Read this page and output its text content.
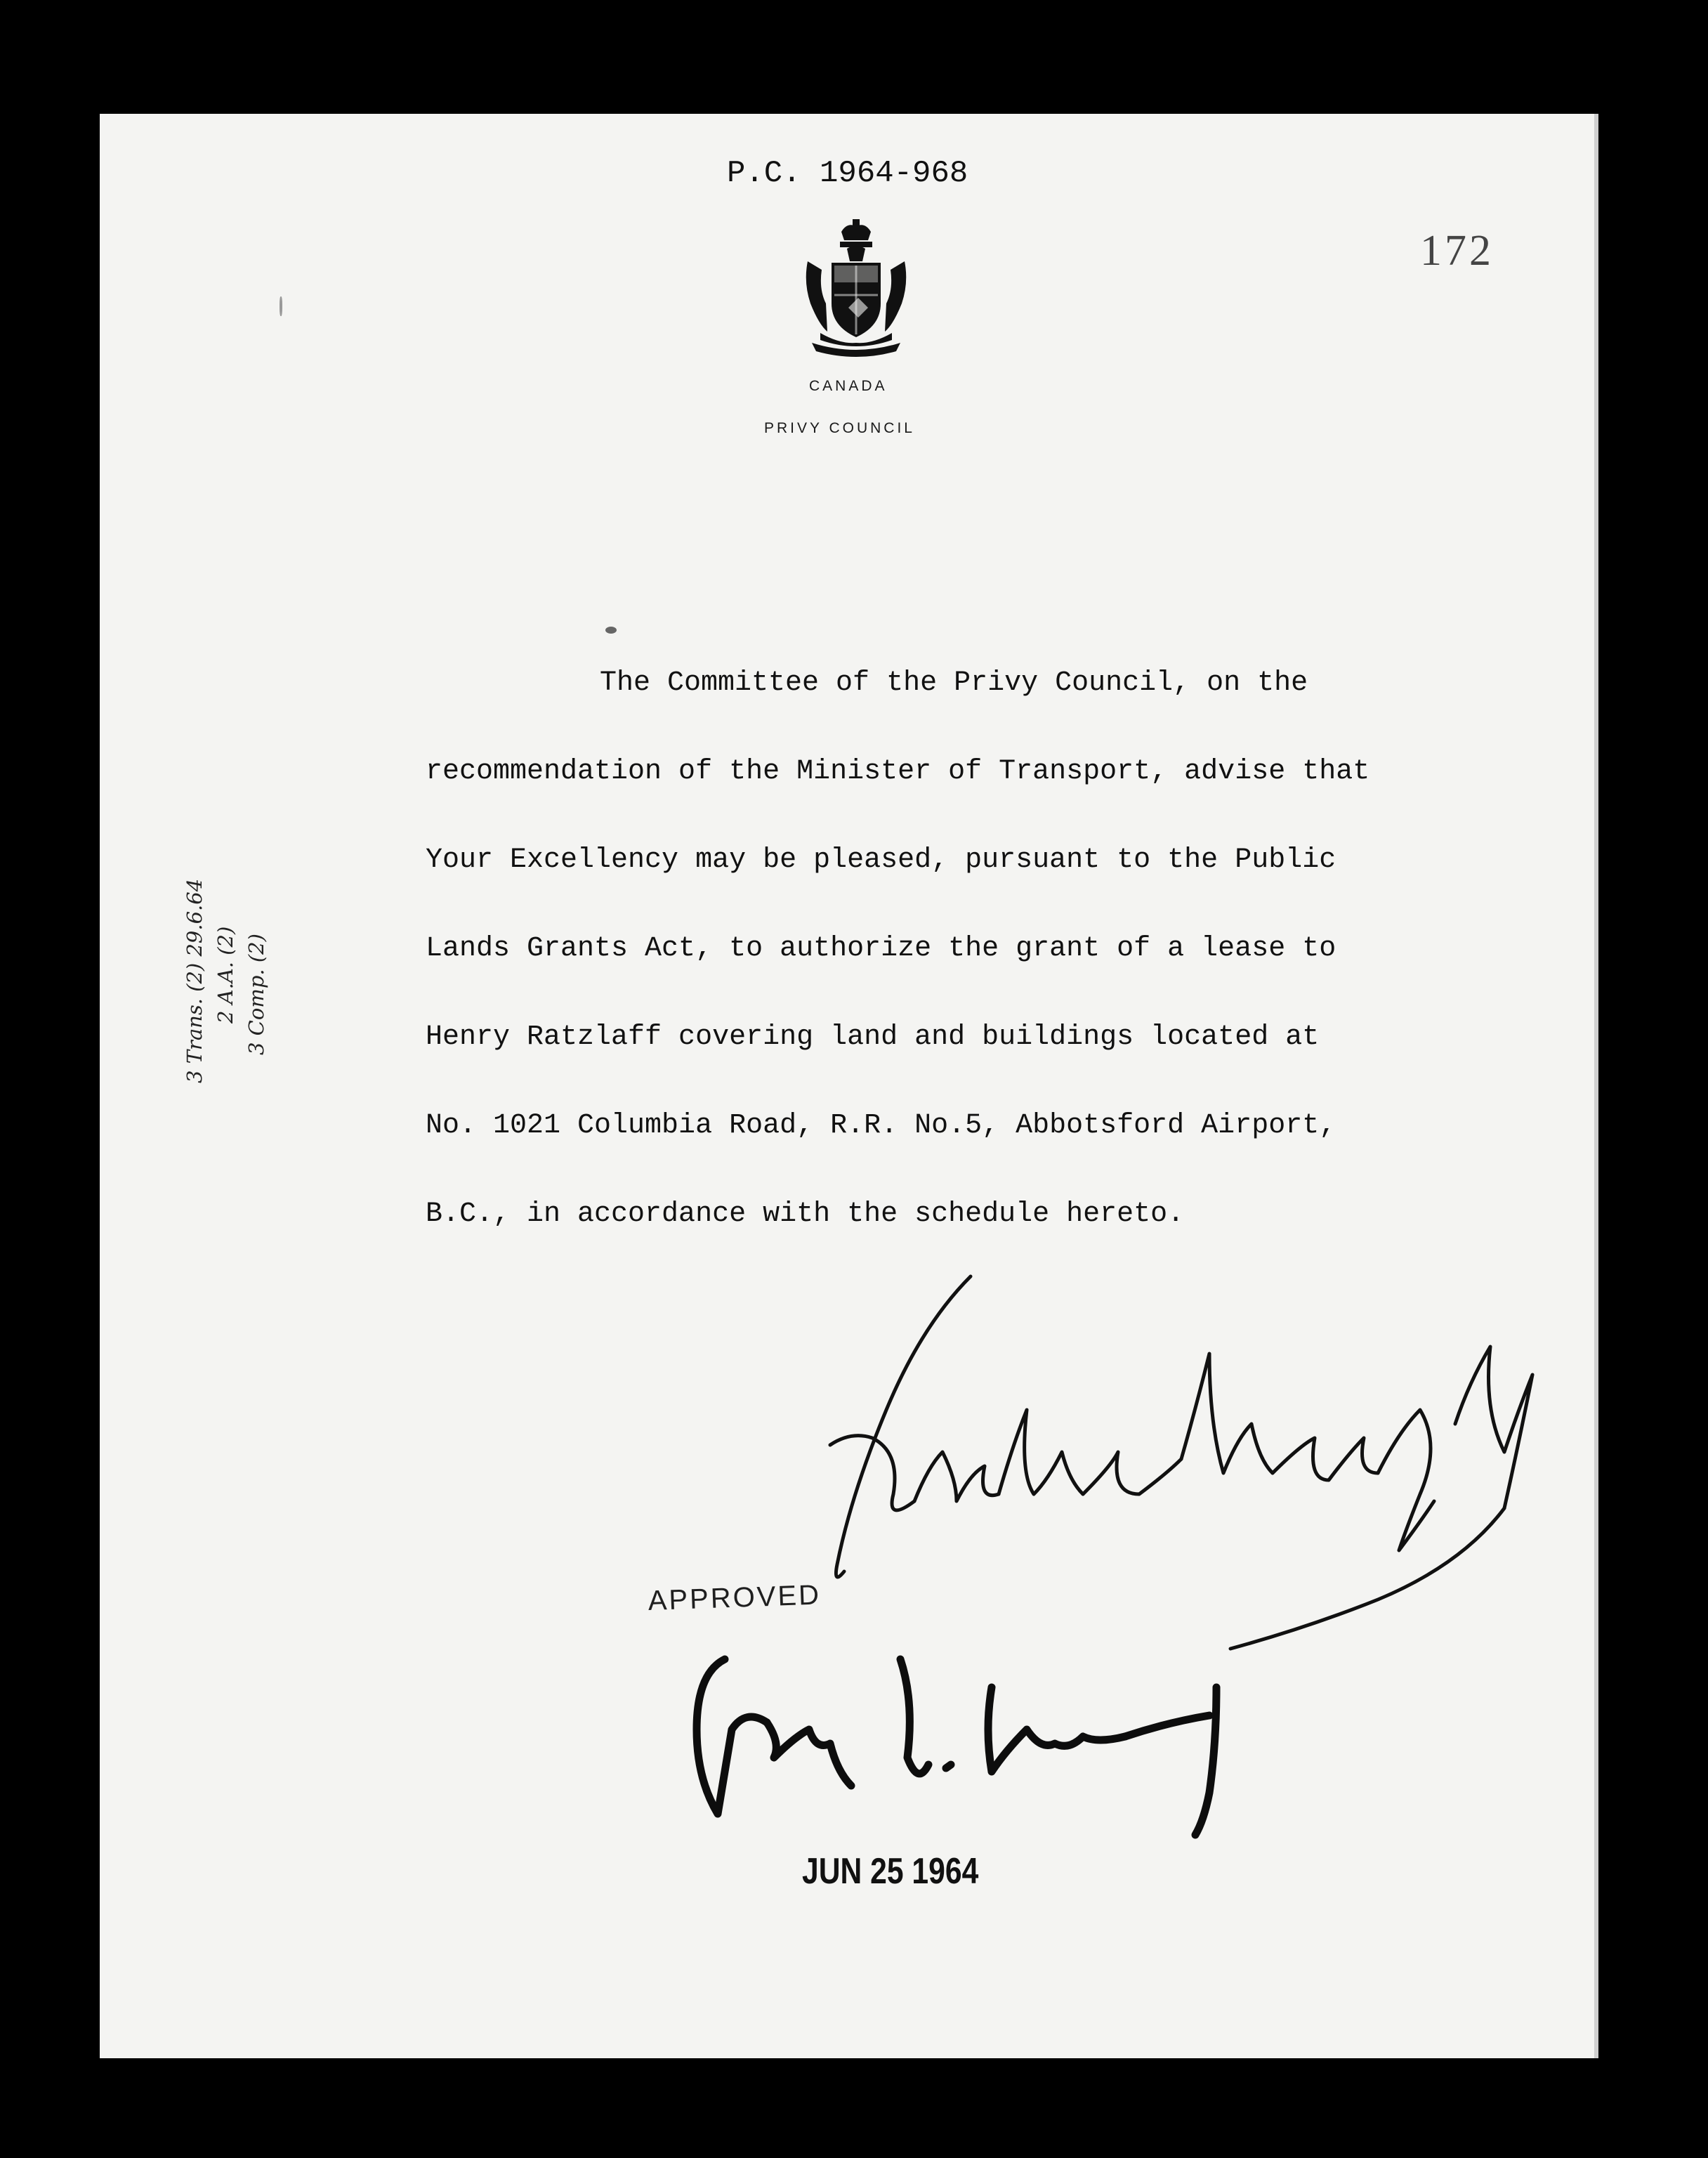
P.C. 1964-968
172
CANADA
PRIVY COUNCIL
The Committee of the Privy Council, on the
recommendation of the Minister of Transport, advise that
Your Excellency may be pleased, pursuant to the Public
Lands Grants Act, to authorize the grant of a lease to
Henry Ratzlaff covering land and buildings located at
No. 1021 Columbia Road, R.R. No.5, Abbotsford Airport,
B.C., in accordance with the schedule hereto.
3 Trans. (2) 29.6.64 2 A.A. (2) 3 Comp. (2)
APPROVED
JUN 25 1964
